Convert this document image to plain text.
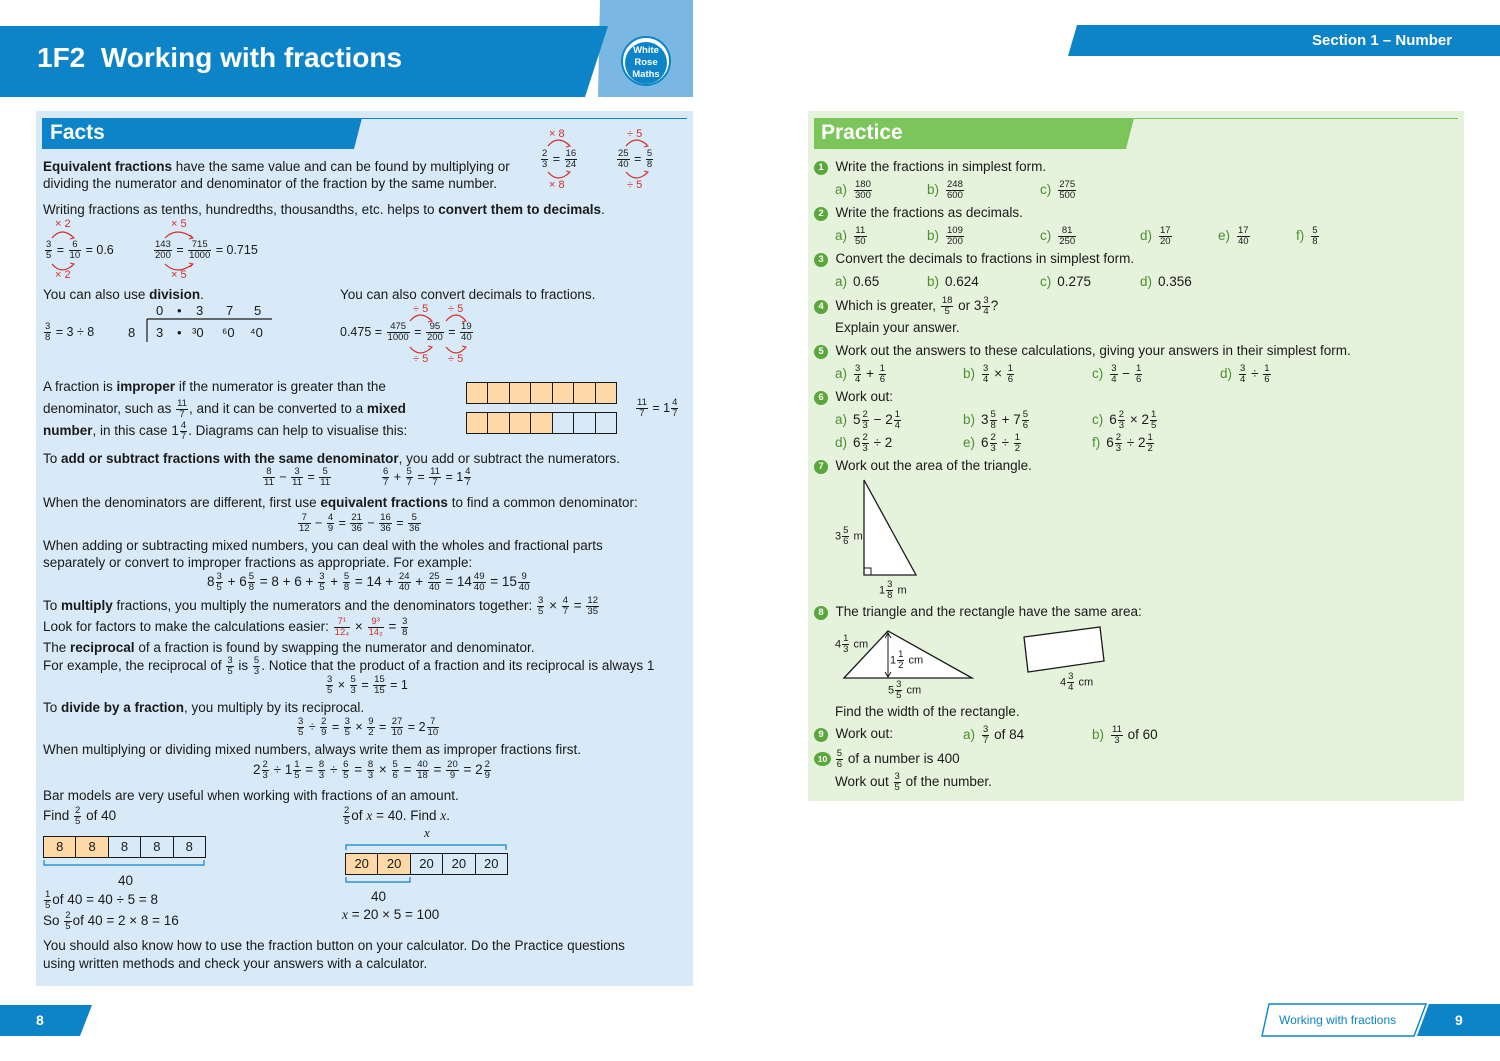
1F2 Working with fractions	White
Rose
Maths
Section 1 – Number
Facts
Equivalent fractions have the same value and can be found by multiplying or
dividing the numerator and denominator of the fraction by the same number.
× 8
× 8
$\frac{2}{3} = \frac{16}{24}$
÷ 5
÷ 5
$\frac{25}{40} = \frac{5}{8}$
Writing fractions as tenths, hundredths, thousandths, etc. helps to convert them to decimals.
× 2
× 2
$\frac{3}{5} = \frac{6}{10} = 0.6$
× 5
× 5
$\frac{143}{200} = \frac{715}{1000} = 0.715$
You can also use division.
$\frac{3}{8} = 3 \div 8$	8
0 • 3 7 5
3 • ³0 ⁶0 ⁴0
You can also convert decimals to fractions.
÷ 5 ÷ 5
÷ 5 ÷ 5
$0.475 = \frac{475}{1000} = \frac{95}{200} = \frac{19}{40}$
A fraction is improper if the numerator is greater than the
denominator, such as $\frac{11}{7}$ , and it can be converted to a mixed
number, in this case $1 \frac{4}{7}$ . Diagrams can help to visualise this:
$\frac{11}{7} = 1 \frac{4}{7}$
To add or subtract fractions with the same denominator, you add or subtract the numerators.
$\frac{8}{11} - \frac{3}{11} = \frac{5}{11}$	$\frac{6}{7} + \frac{5}{7} = \frac{11}{7} = 1 \frac{4}{7}$
When the denominators are different, first use equivalent fractions to find a common denominator:
$\frac{7}{12} - \frac{4}{9} = \frac{21}{36} - \frac{16}{36} = \frac{5}{36}$
When adding or subtracting mixed numbers, you can deal with the wholes and fractional parts
separately or convert to improper fractions as appropriate. For example:
$8 \frac{3}{5} + 6 \frac{5}{8} = 8 + 6 + \frac{3}{5} + \frac{5}{8} = 14 + \frac{24}{40} + \frac{25}{40} = 14 \frac{49}{40} = 15 \frac{9}{40}$
To multiply fractions, you multiply the numerators and the denominators together: $\frac{3}{5} \times \frac{4}{7} = \frac{12}{35}$
Look for factors to make the calculations easier: $\frac{\text{7¹}}{\text{12₄}} \times \frac{\text{9³}}{\text{14₂}} = \frac{3}{8}$
The reciprocal of a fraction is found by swapping the numerator and denominator.
For example, the reciprocal of $\frac{3}{5}$ is $\frac{5}{3}$ . Notice that the product of a fraction and its reciprocal is always 1
$\frac{3}{5} \times \frac{5}{3} = \frac{15}{15} = 1$
To divide by a fraction, you multiply by its reciprocal.
$\frac{3}{5} \div \frac{2}{9} = \frac{3}{5} \times \frac{9}{2} = \frac{27}{10} = 2 \frac{7}{10}$
When multiplying or dividing mixed numbers, always write them as improper fractions first.
$2 \frac{2}{3} \div 1 \frac{1}{5} = \frac{8}{3} \div \frac{6}{5} = \frac{8}{3} \times \frac{5}{6} = \frac{40}{18} = \frac{20}{9} = 2 \frac{2}{9}$
Bar models are very useful when working with fractions of an amount.
Find $\frac{2}{5}$ of 40
8	8	8	8	8
40
$\frac{1}{5}$ of 40 = 40 ÷ 5 = 8
So $\frac{2}{5}$ of 40 = 2 × 8 = 16
$\frac{2}{5}$ of x = 40. Find x.
x
20	20	20	20	20
40
x = 20 × 5 = 100
You should also know how to use the fraction button on your calculator. Do the Practice questions
using written methods and check your answers with a calculator.
Practice
1 Write the fractions in simplest form.
$a) \frac{180}{300}$	$b) \frac{248}{600}$	$c) \frac{275}{500}$
2 Write the fractions as decimals.
$a) \frac{11}{50}$	$b) \frac{109}{200}$	$c) \frac{81}{250}$	$d) \frac{17}{20}$	$e) \frac{17}{40}$	$f) \frac{5}{8}$
3 Convert the decimals to fractions in simplest form.
a) 0.65	b) 0.624	c) 0.275	d) 0.356
4 Which is greater, $\frac{18}{5}$ or $3 \frac{3}{4}$ ?
Explain your answer.
5 Work out the answers to these calculations, giving your answers in their simplest form.
$a) \frac{3}{4} + \frac{1}{6}$	$b) \frac{3}{4} \times \frac{1}{6}$	$c) \frac{3}{4} - \frac{1}{6}$	$d) \frac{3}{4} \div \frac{1}{6}$
6 Work out:
a) $5 \frac{2}{3} - 2 \frac{1}{4}$	b) $3 \frac{5}{8} + 7 \frac{5}{6}$	c) $6 \frac{2}{3} \times 2 \frac{1}{5}$
d) $6 \frac{2}{3} \div 2$	e) $6 \frac{2}{3} \div \frac{1}{2}$	f) $6 \frac{2}{3} \div 2 \frac{1}{2}$
7 Work out the area of the triangle.
$3 \frac{5}{6}$ m
$1 \frac{3}{8}$ m
8 The triangle and the rectangle have the same area:
$4 \frac{1}{3}$ cm
$1 \frac{1}{2}$ cm
$5 \frac{3}{5}$ cm
$4 \frac{3}{4}$ cm
Find the width of the rectangle.
9 Work out:	$a) \frac{3}{7}$ of 84	$b) \frac{11}{3}$ of 60
$10 \frac{5}{6}$ of a number is 400
Work out $\frac{3}{5}$ of the number.
8	Working with fractions	9
